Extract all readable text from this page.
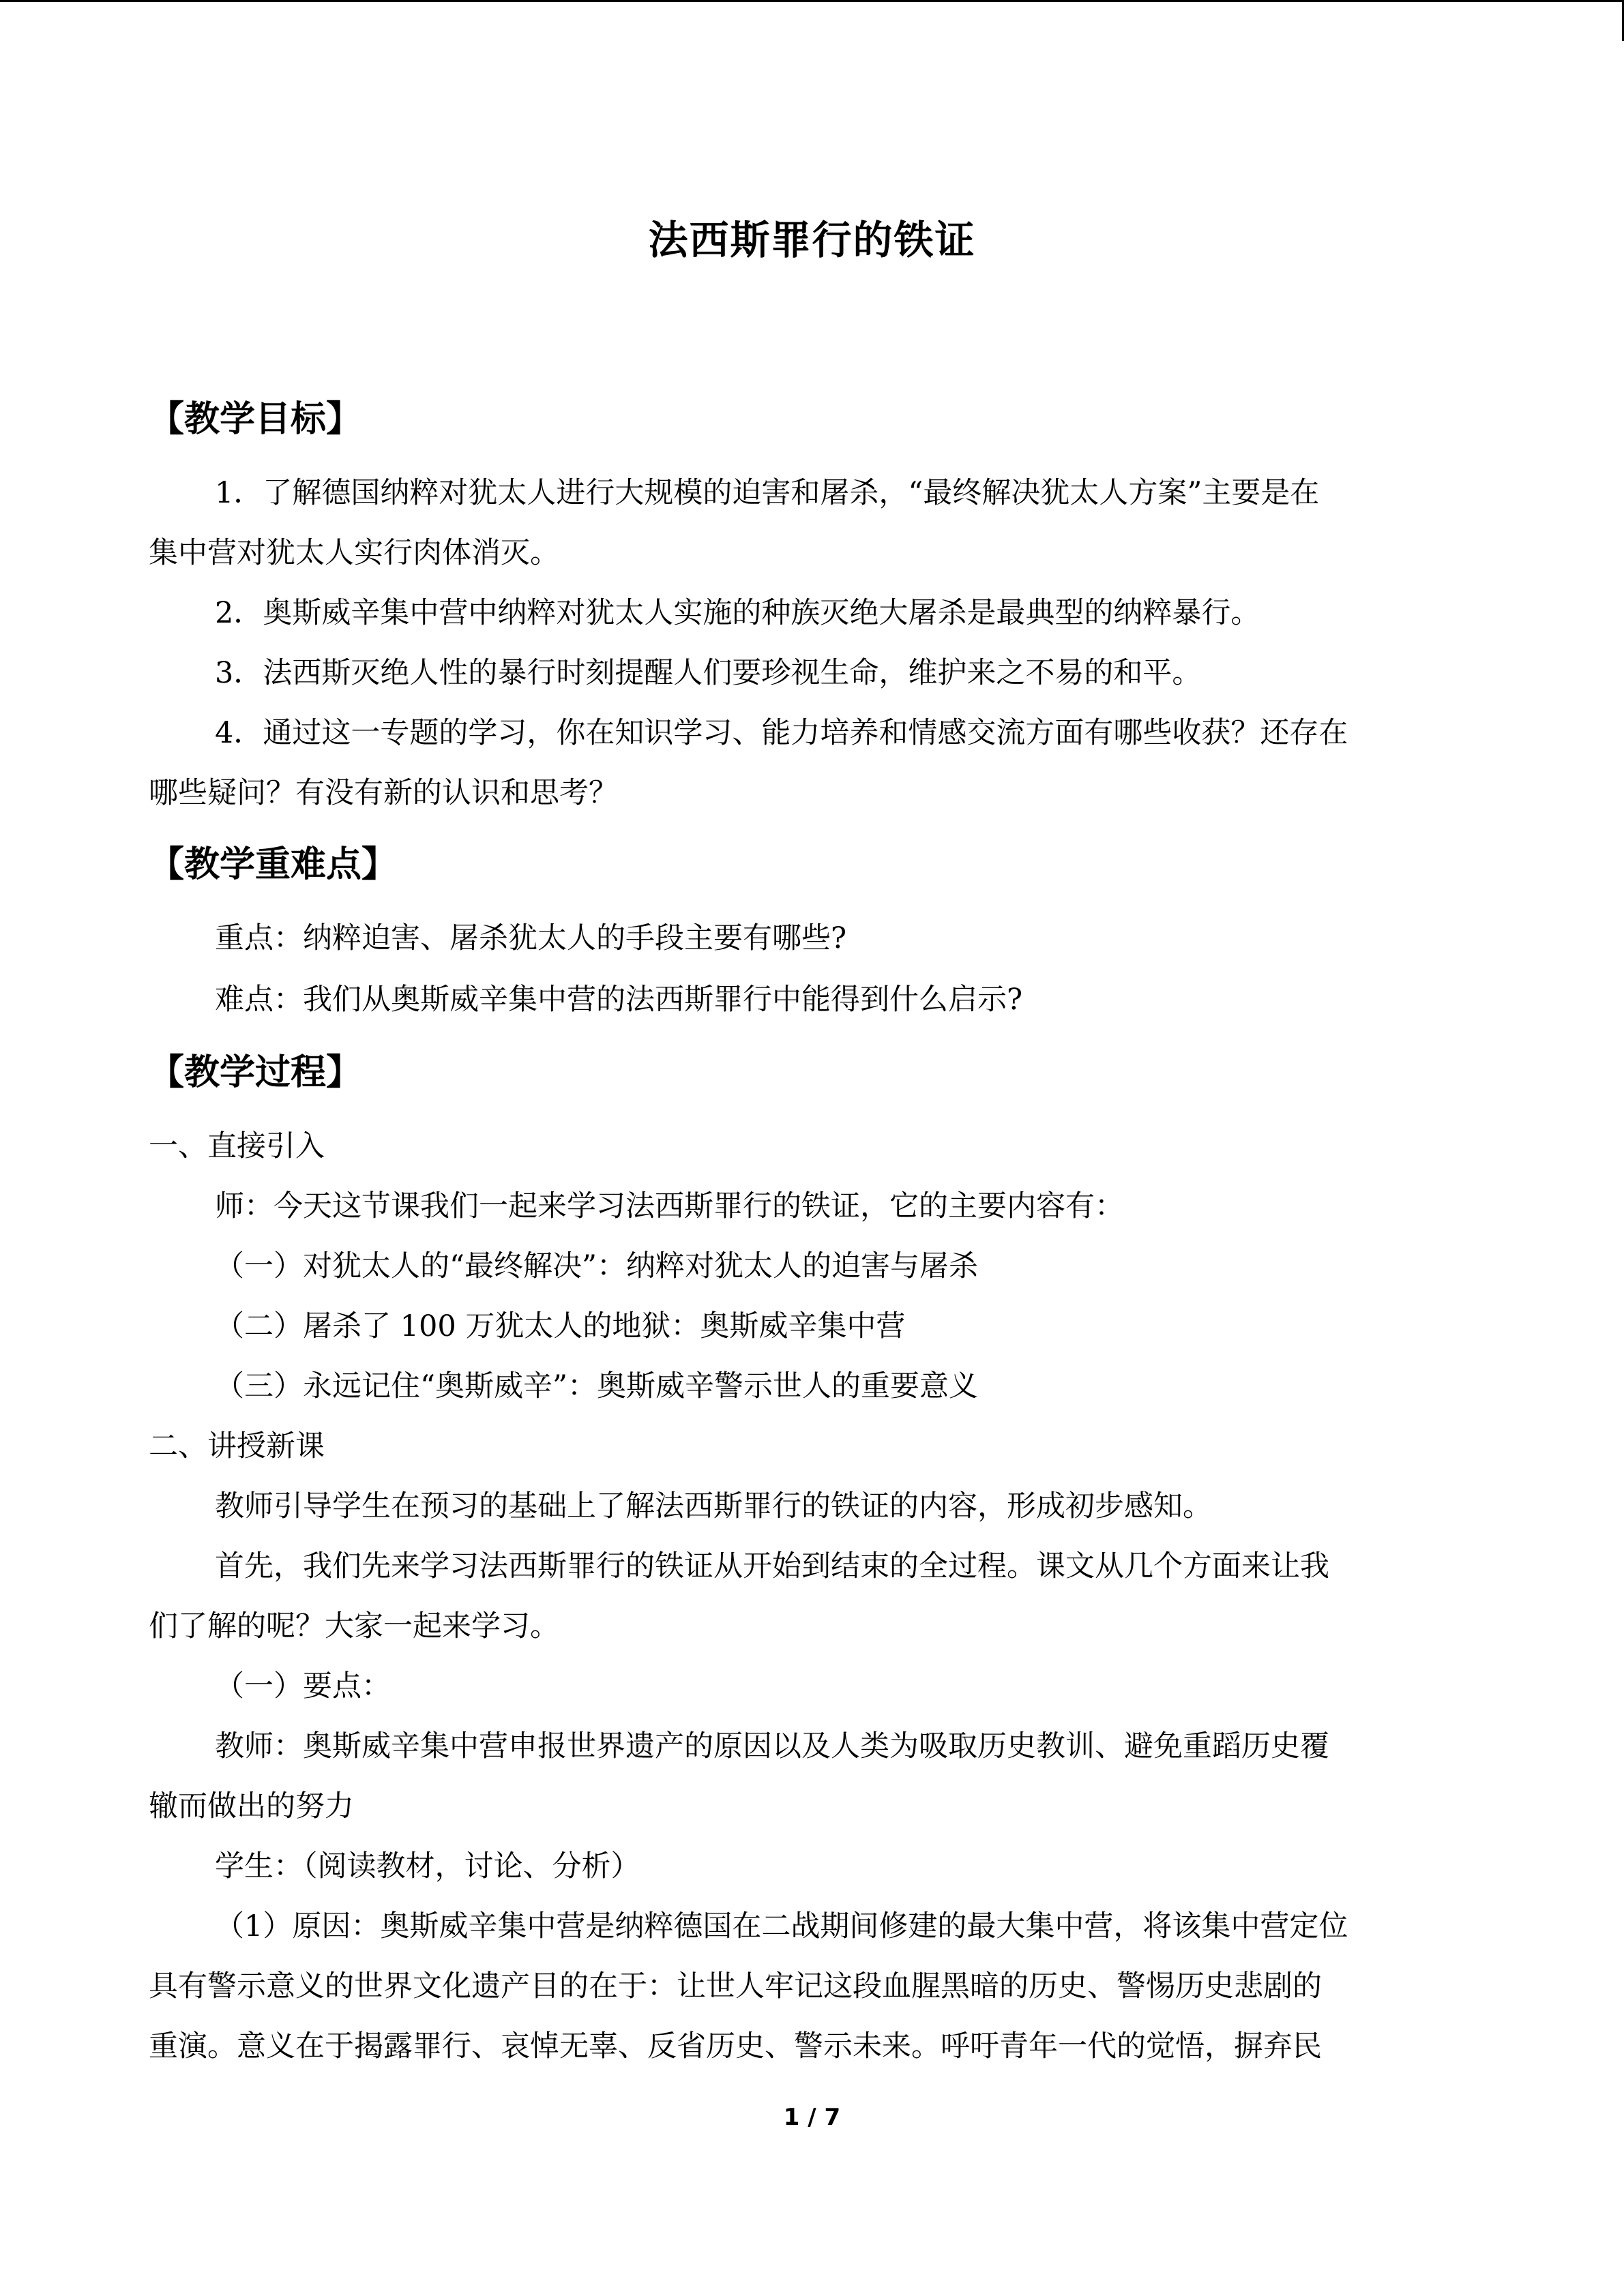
法西斯罪行的铁证
【教学目标】
1．了解德国纳粹对犹太人进行大规模的迫害和屠杀，“最终解决犹太人方案”主要是在
集中营对犹太人实行肉体消灭。
2．奥斯威辛集中营中纳粹对犹太人实施的种族灭绝大屠杀是最典型的纳粹暴行。
3．法西斯灭绝人性的暴行时刻提醒人们要珍视生命，维护来之不易的和平。
4．通过这一专题的学习，你在知识学习、能力培养和情感交流方面有哪些收获？还存在
哪些疑问？有没有新的认识和思考？
【教学重难点】
重点：纳粹迫害、屠杀犹太人的手段主要有哪些?
难点：我们从奥斯威辛集中营的法西斯罪行中能得到什么启示?
【教学过程】
一、直接引入
师：今天这节课我们一起来学习法西斯罪行的铁证，它的主要内容有：
（一）对犹太人的“最终解决”：纳粹对犹太人的迫害与屠杀
（二）屠杀了 100 万犹太人的地狱：奥斯威辛集中营
（三）永远记住“奥斯威辛”：奥斯威辛警示世人的重要意义
二、讲授新课
教师引导学生在预习的基础上了解法西斯罪行的铁证的内容，形成初步感知。
首先，我们先来学习法西斯罪行的铁证从开始到结束的全过程。课文从几个方面来让我
们了解的呢？大家一起来学习。
（一）要点：
教师：奥斯威辛集中营申报世界遗产的原因以及人类为吸取历史教训、避免重蹈历史覆
辙而做出的努力
学生：（阅读教材，讨论、分析）
（1）原因：奥斯威辛集中营是纳粹德国在二战期间修建的最大集中营，将该集中营定位
具有警示意义的世界文化遗产目的在于：让世人牢记这段血腥黑暗的历史、警惕历史悲剧的
重演。意义在于揭露罪行、哀悼无辜、反省历史、警示未来。呼吁青年一代的觉悟，摒弃民
1 / 7
